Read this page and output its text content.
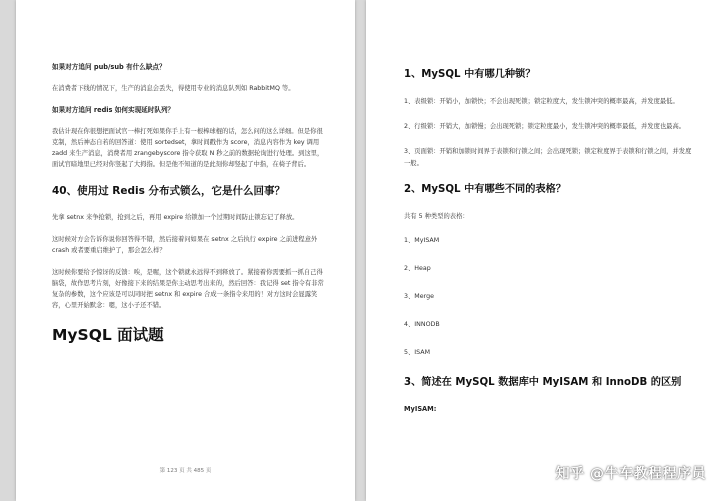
如果对方追问 pub/sub 有什么缺点？
在消费者下线的情况下，生产的消息会丢失，得使用专业的消息队列如 RabbitMQ 等。
如果对方追问 redis 如何实现延时队列？
我估计现在你很想把面试官一棒打死如果你手上有一根棒球棍的话，怎么问的这么详细。但是你很克制，然后神态自若的回答道：使用 sortedset，拿时间戳作为 score，消息内容作为 key 调用 zadd 来生产消息，消费者用 zrangebyscore 指令获取 N 秒之前的数据轮询进行处理。到这里，面试官暗地里已经对你竖起了大拇指。但是他不知道的是此刻你却竖起了中指，在椅子背后。
40、使用过 Redis 分布式锁么，它是什么回事？
先拿 setnx 来争抢锁，抢到之后，再用 expire 给锁加一个过期时间防止锁忘记了释放。
这时候对方会告诉你说你回答得不错，然后接着问如果在 setnx 之后执行 expire 之前进程意外 crash 或者要重启维护了，那会怎么样？
这时候你要给予惊讶的反馈：唉，是喔，这个锁就永远得不到释放了。紧接着你需要抓一抓自己得脑袋，故作思考片刻，好像接下来的结果是你主动思考出来的，然后回答：我记得 set 指令有非常复杂的参数，这个应该是可以同时把 setnx 和 expire 合成一条指令来用的！对方这时会显露笑容，心里开始默念：嗯，这小子还不错。
MySQL 面试题
第 123 页 共 485 页
1、MySQL 中有哪几种锁？
1、表级锁：开销小，加锁快；不会出现死锁；锁定粒度大，发生锁冲突的概率最高，并发度最低。
2、行级锁：开销大，加锁慢；会出现死锁；锁定粒度最小，发生锁冲突的概率最低，并发度也最高。
3、页面锁：开销和加锁时间界于表锁和行锁之间；会出现死锁；锁定粒度界于表锁和行锁之间，并发度一般。
2、MySQL 中有哪些不同的表格？
共有 5 种类型的表格：
1、MyISAM
2、Heap
3、Merge
4、INNODB
5、ISAM
3、简述在 MySQL 数据库中 MyISAM 和 InnoDB 的区别
MyISAM:
知乎 @牛车教程程序员
